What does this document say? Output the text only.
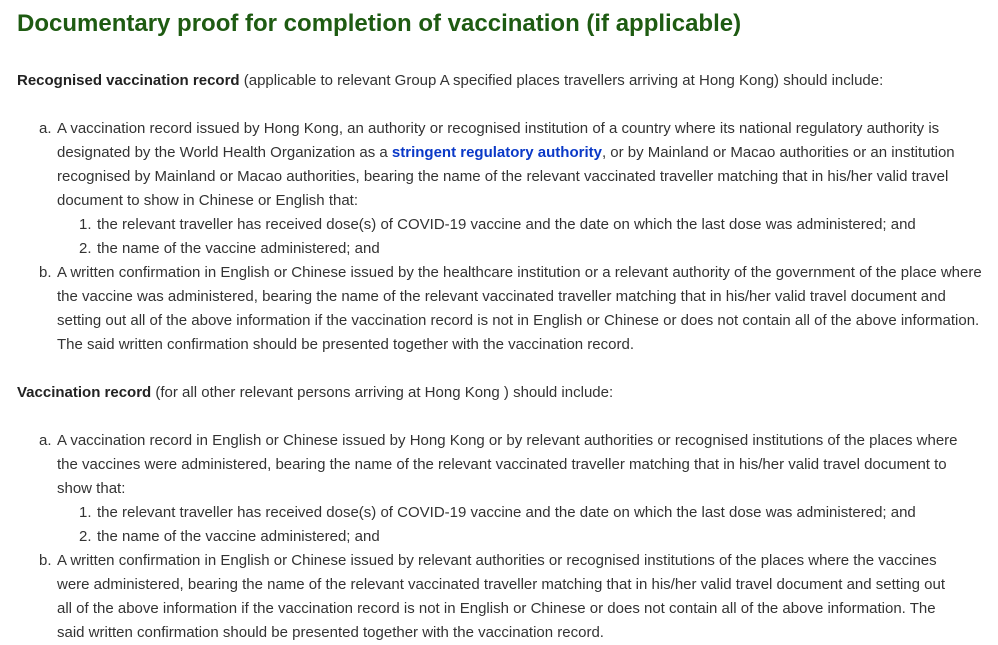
Documentary proof for completion of vaccination (if applicable)

Recognised vaccination record (applicable to relevant Group A specified places travellers arriving at Hong Kong) should include:

a. A vaccination record issued by Hong Kong, an authority or recognised institution of a country where its national regulatory authority is designated by the World Health Organization as a stringent regulatory authority, or by Mainland or Macao authorities or an institution recognised by Mainland or Macao authorities, bearing the name of the relevant vaccinated traveller matching that in his/her valid travel document to show in Chinese or English that:
1. the relevant traveller has received dose(s) of COVID-19 vaccine and the date on which the last dose was administered; and
2. the name of the vaccine administered; and
b. A written confirmation in English or Chinese issued by the healthcare institution or a relevant authority of the government of the place where the vaccine was administered, bearing the name of the relevant vaccinated traveller matching that in his/her valid travel document and setting out all of the above information if the vaccination record is not in English or Chinese or does not contain all of the above information. The said written confirmation should be presented together with the vaccination record.

Vaccination record (for all other relevant persons arriving at Hong Kong ) should include:

a. A vaccination record in English or Chinese issued by Hong Kong or by relevant authorities or recognised institutions of the places where the vaccines were administered, bearing the name of the relevant vaccinated traveller matching that in his/her valid travel document to show that:
1. the relevant traveller has received dose(s) of COVID-19 vaccine and the date on which the last dose was administered; and
2. the name of the vaccine administered; and
b. A written confirmation in English or Chinese issued by relevant authorities or recognised institutions of the places where the vaccines were administered, bearing the name of the relevant vaccinated traveller matching that in his/her valid travel document and setting out all of the above information if the vaccination record is not in English or Chinese or does not contain all of the above information. The said written confirmation should be presented together with the vaccination record.
